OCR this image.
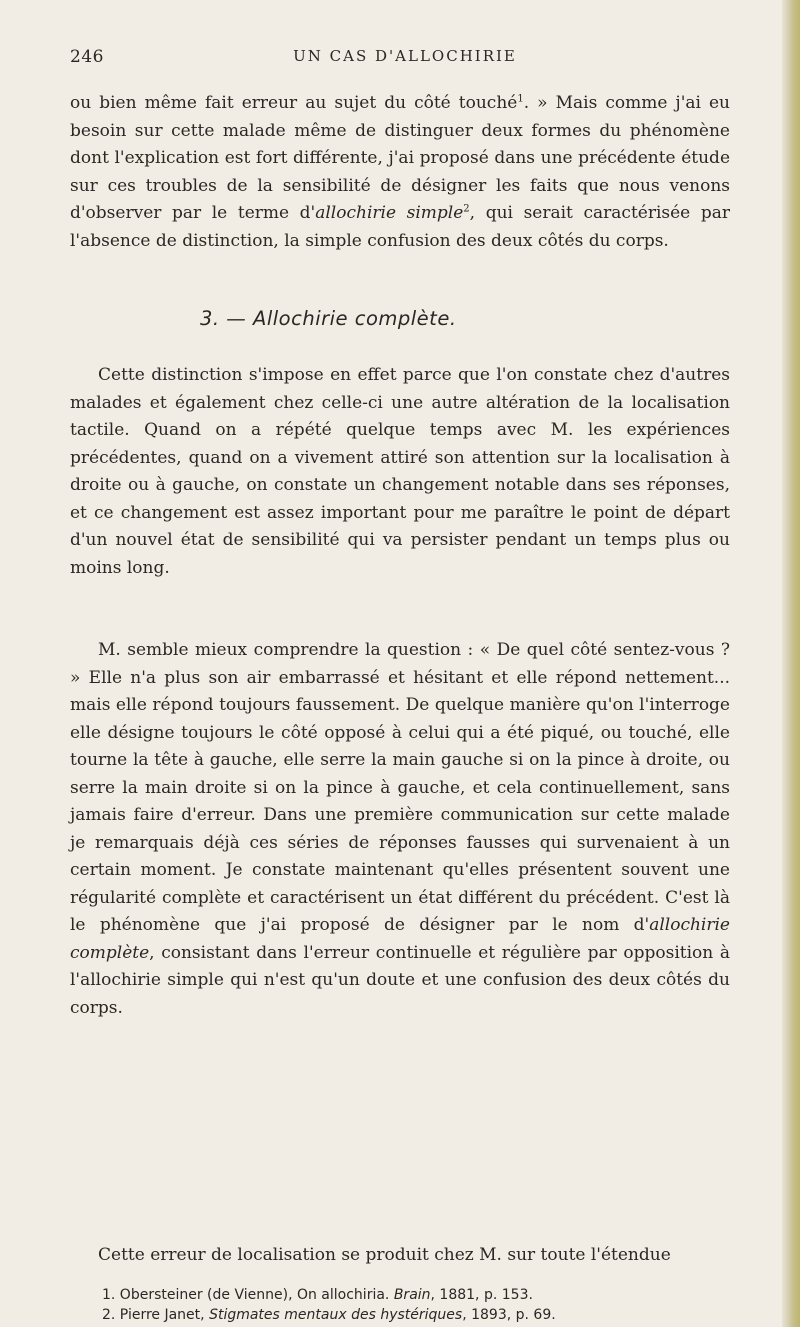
246	UN CAS D'ALLOCHIRIE
ou bien même fait erreur au sujet du côté touché$^1$. » Mais comme j'ai eu besoin sur cette malade même de distinguer deux formes du phénomène dont l'explication est fort différente, j'ai proposé dans une précédente étude sur ces troubles de la sensibilité de désigner les faits que nous venons d'observer par le terme d'allochirie simple$^2$, qui serait caractérisée par l'absence de distinction, la simple confusion des deux côtés du corps.
3. — Allochirie complète.
Cette distinction s'impose en effet parce que l'on constate chez d'autres malades et également chez celle-ci une autre altération de la localisation tactile. Quand on a répété quelque temps avec M. les expériences précédentes, quand on a vivement attiré son attention sur la localisation à droite ou à gauche, on constate un changement notable dans ses réponses, et ce changement est assez important pour me paraître le point de départ d'un nouvel état de sensibilité qui va persister pendant un temps plus ou moins long.
M. semble mieux comprendre la question : « De quel côté sentez-vous ? » Elle n'a plus son air embarrassé et hésitant et elle répond nettement... mais elle répond toujours faussement. De quelque manière qu'on l'interroge elle désigne toujours le côté opposé à celui qui a été piqué, ou touché, elle tourne la tête à gauche, elle serre la main gauche si on la pince à droite, ou serre la main droite si on la pince à gauche, et cela continuellement, sans jamais faire d'erreur. Dans une première communication sur cette malade je remarquais déjà ces séries de réponses fausses qui survenaient à un certain moment. Je constate maintenant qu'elles présentent souvent une régularité complète et caractérisent un état différent du précédent. C'est là le phénomène que j'ai proposé de désigner par le nom d'allochirie complète, consistant dans l'erreur continuelle et régulière par opposition à l'allochirie simple qui n'est qu'un doute et une confusion des deux côtés du corps.
Cette erreur de localisation se produit chez M. sur toute l'étendue
1. Obersteiner (de Vienne), On allochiria. Brain, 1881, p. 153.
2. Pierre Janet, Stigmates mentaux des hystériques, 1893, p. 69.
